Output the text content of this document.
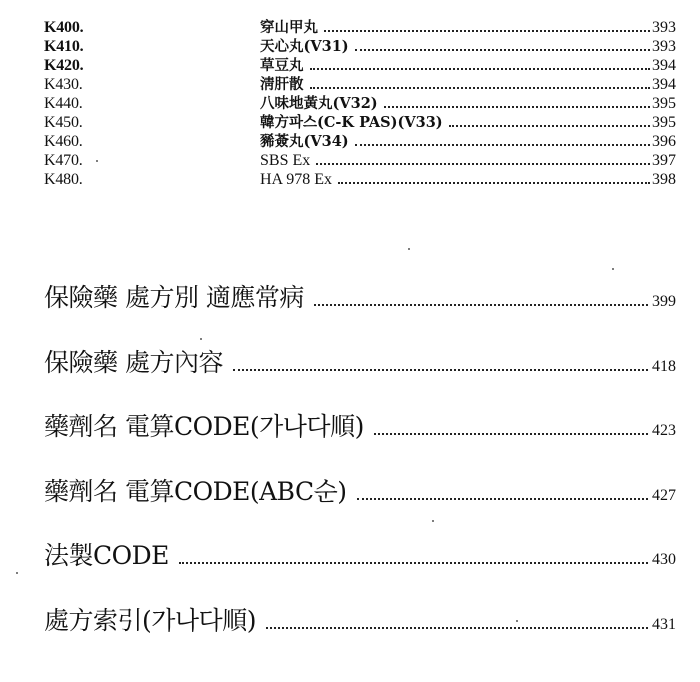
K400.	穿山甲丸	393
K410.	天心丸(V31)	393
K420.	草豆丸	394
K430.	淸肝散	394
K440.	八味地黃丸(V32)	395
K450.	韓方파스(C-K PAS)(V33)	395
K460.	豨薟丸(V34)	396
K470.	SBS Ex	397
K480.	HA 978 Ex	398
保險藥 處方別 適應常病	399
保險藥 處方內容	418
藥劑名 電算CODE(가나다順)	423
藥劑名 電算CODE(ABC순)	427
法製CODE	430
處方索引(가나다順)	431
